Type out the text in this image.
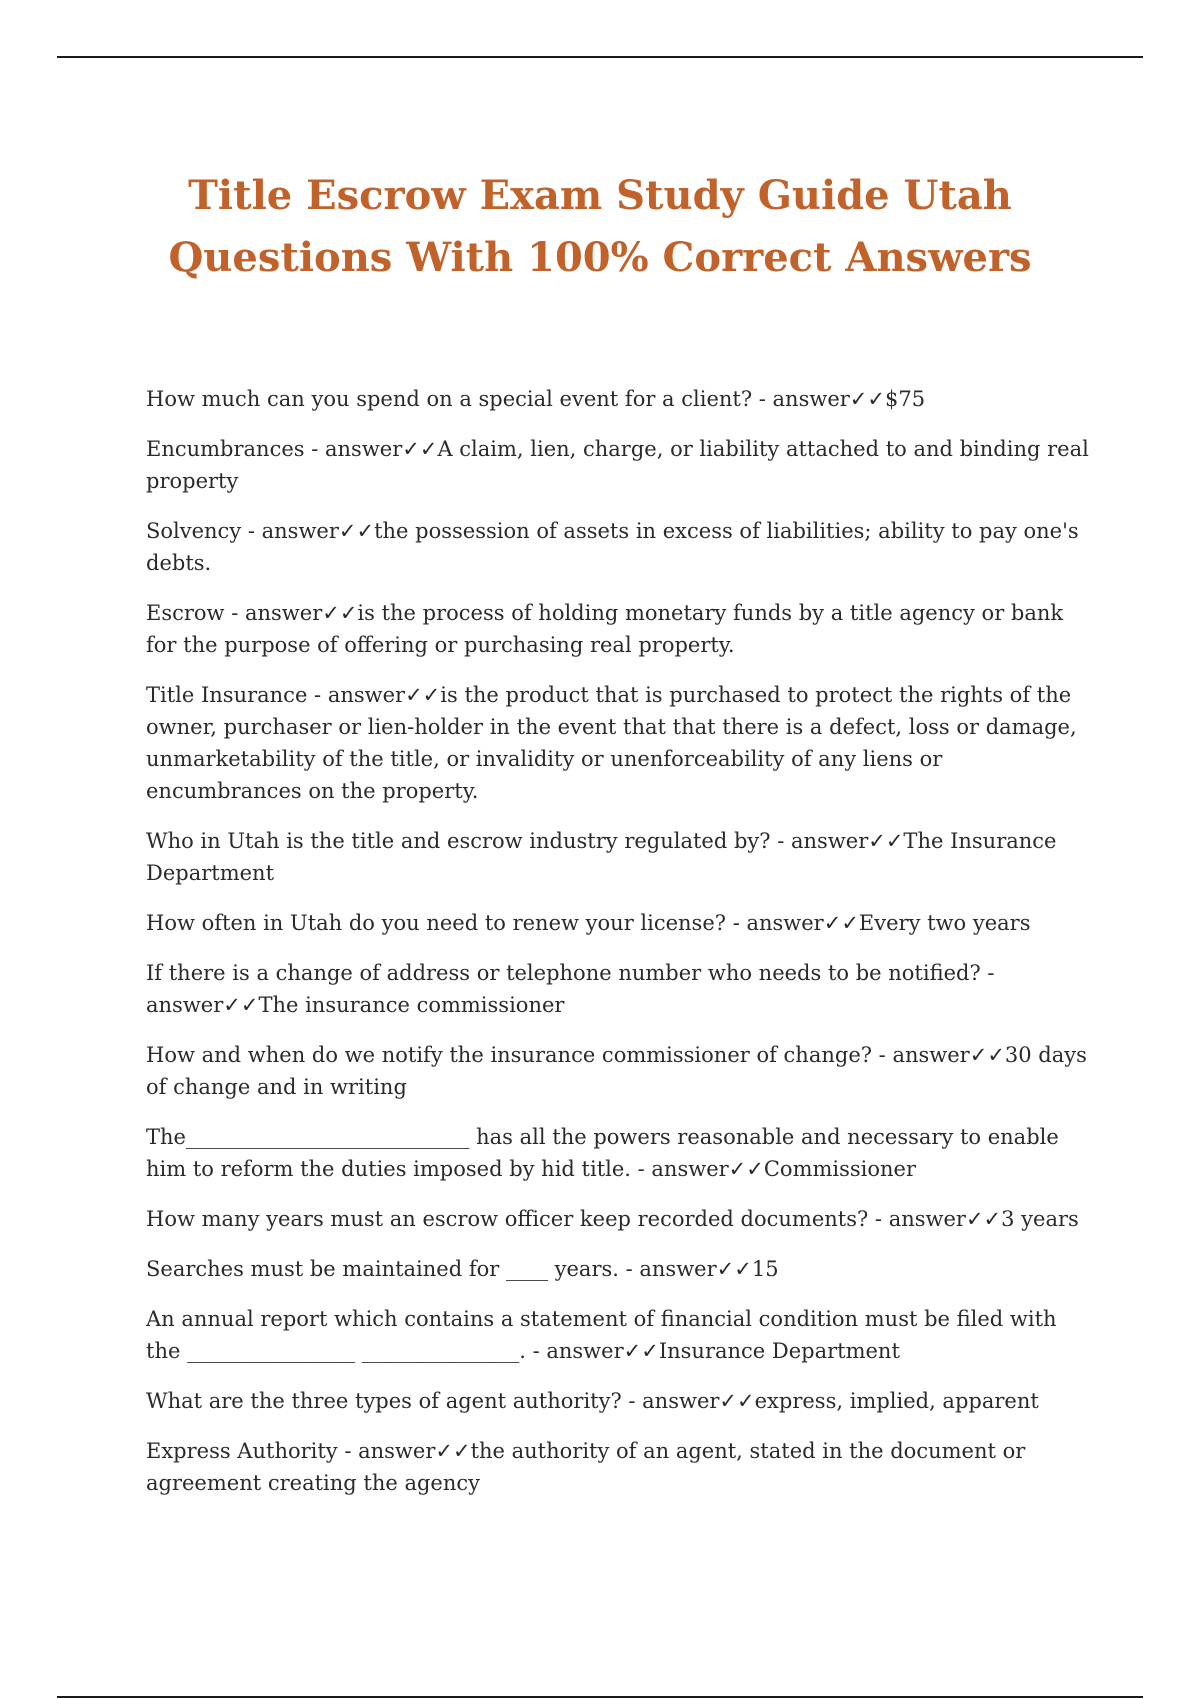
Title Escrow Exam Study Guide Utah
Questions With 100% Correct Answers
How much can you spend on a special event for a client? - answer✓✓$75
Encumbrances - answer✓✓A claim, lien, charge, or liability attached to and binding real property
Solvency - answer✓✓the possession of assets in excess of liabilities; ability to pay one's debts.
Escrow - answer✓✓is the process of holding monetary funds by a title agency or bank for the purpose of offering or purchasing real property.
Title Insurance - answer✓✓is the product that is purchased to protect the rights of the owner, purchaser or lien-holder in the event that that there is a defect, loss or damage, unmarketability of the title, or invalidity or unenforceability of any liens or encumbrances on the property.
Who in Utah is the title and escrow industry regulated by? - answer✓✓The Insurance Department
How often in Utah do you need to renew your license? - answer✓✓Every two years
If there is a change of address or telephone number who needs to be notified? - answer✓✓The insurance commissioner
How and when do we notify the insurance commissioner of change? - answer✓✓30 days of change and in writing
The___________________________ has all the powers reasonable and necessary to enable him to reform the duties imposed by hid title. - answer✓✓Commissioner
How many years must an escrow officer keep recorded documents? - answer✓✓3 years
Searches must be maintained for ____ years. - answer✓✓15
An annual report which contains a statement of financial condition must be filed with the ________________ _______________. - answer✓✓Insurance Department
What are the three types of agent authority? - answer✓✓express, implied, apparent
Express Authority - answer✓✓the authority of an agent, stated in the document or agreement creating the agency
